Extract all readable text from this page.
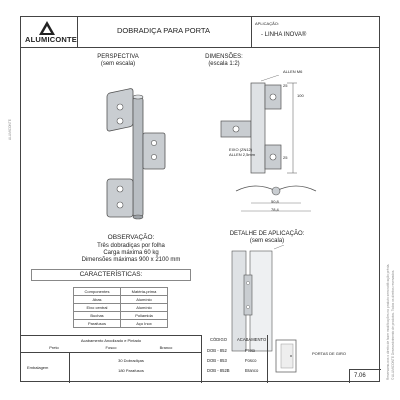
ALUMICONTE
DOBRADIÇA PARA PORTA
APLICAÇÃO:
- LINHA INOVA®
PERSPECTIVA
(sem escala)
DIMENSÕES:
(escala 1:2)
ALLEN M6
100
25
25
EIXO (ZN12)
ALLEN 2,5mm
50,8
78,4
OBSERVAÇÃO:
Três dobradiças por folha
Carga máxima 60 kg
Dimensões máximas 900 x 2100 mm
DETALHE DE APLICAÇÃO:
(sem escala)
CARACTERÍSTICAS:
Componentes	Matéria-prima
Abas	Alumínio
Eixo central	Alumínio
Buchas	Poliamida
Parafusos	Aço Inox
Acabamento Anodizado e Pintado
Preto	Fosco	Branco
Embalagem
30 Dobradiças
180 Parafusos
CÓDIGO ACABAMENTO
DOB - 852	Preto
DOB - 853	Fosco
DOB - 852B	Branco
PORTAS DE GIRO
7.06
ALUMICONTE
Reservamo-nos o direito de fazer modificações no produto sem notificação prévia. © ALUMICONTE Desenvolvimento de produtos. Todos os direitos reservados.
